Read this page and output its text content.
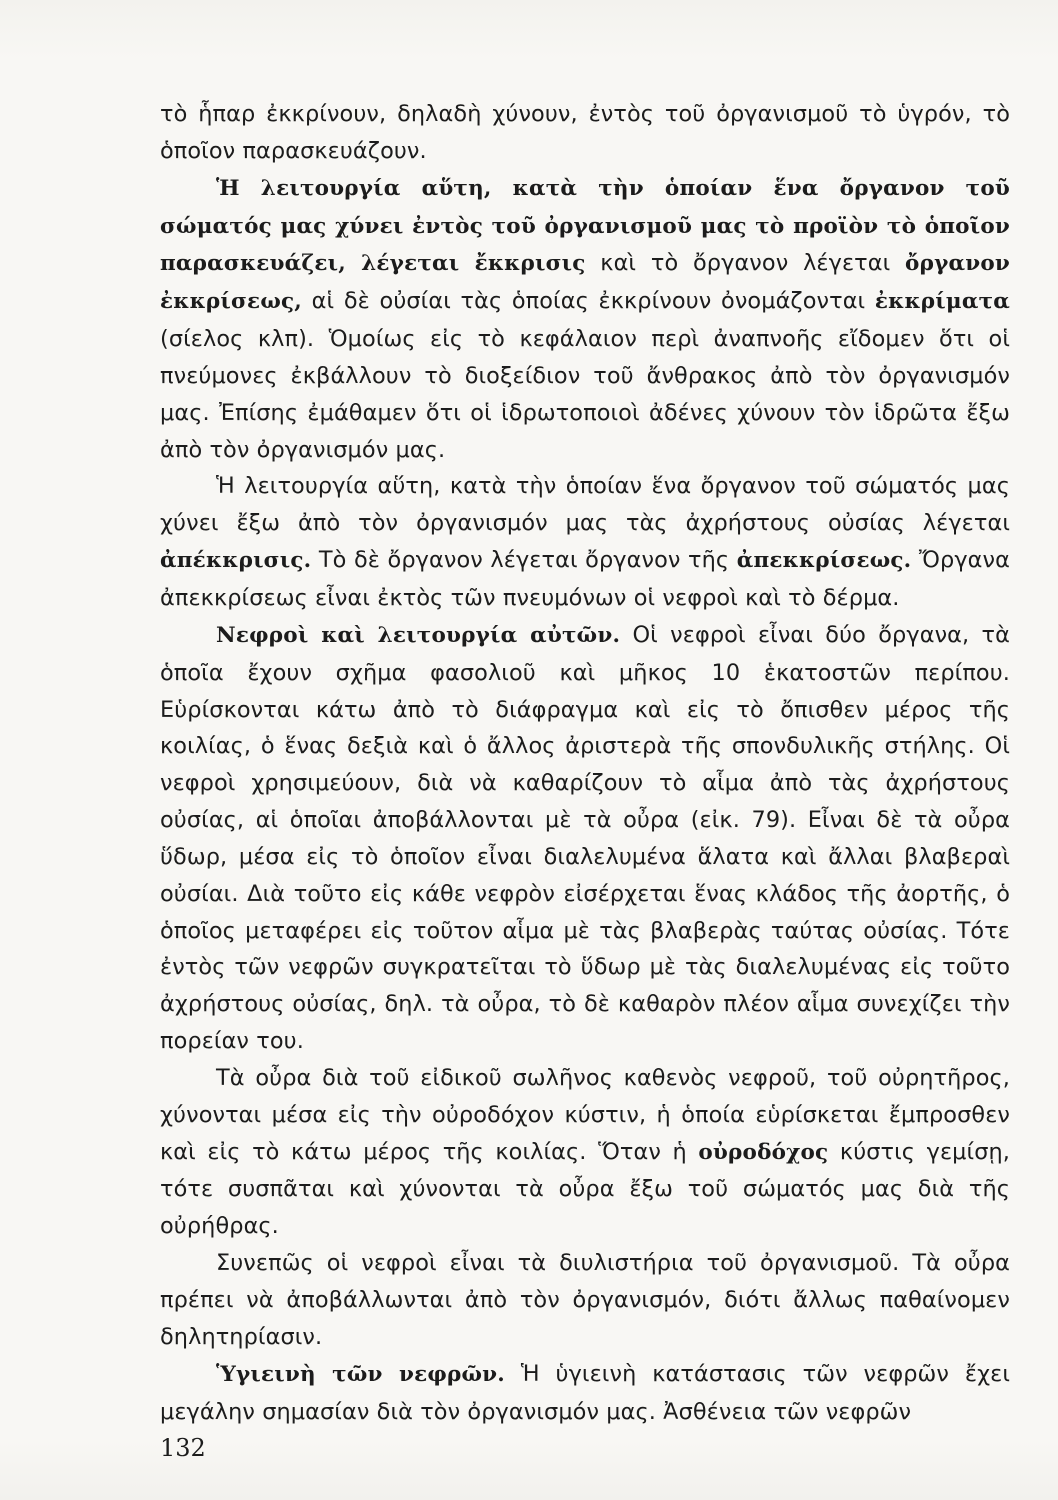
τὸ ἧπαρ ἐκκρίνουν, δηλαδὴ χύνουν, ἐντὸς τοῦ ὀργανισμοῦ τὸ ὑγρόν, τὸ ὁποῖον παρασκευάζουν.

Ἡ λειτουργία αὕτη, κατὰ τὴν ὁποίαν ἕνα ὄργανον τοῦ σώματός μας χύνει ἐντὸς τοῦ ὀργανισμοῦ μας τὸ προϊὸν τὸ ὁποῖον παρασκευάζει, λέγεται ἔκκρισις καὶ τὸ ὄργανον λέγεται ὄργανον ἐκκρίσεως, αἱ δὲ οὐσίαι τὰς ὁποίας ἐκκρίνουν ὀνομάζονται ἐκκρίματα (σίελος κλπ). Ὁμοίως εἰς τὸ κεφάλαιον περὶ ἀναπνοῆς εἴδομεν ὅτι οἱ πνεύμονες ἐκβάλλουν τὸ διοξείδιον τοῦ ἄνθρακος ἀπὸ τὸν ὀργανισμόν μας. Ἐπίσης ἐμάθαμεν ὅτι οἱ ἱδρωτοποιοὶ ἀδένες χύνουν τὸν ἱδρῶτα ἔξω ἀπὸ τὸν ὀργανισμόν μας.

Ἡ λειτουργία αὕτη, κατὰ τὴν ὁποίαν ἕνα ὄργανον τοῦ σώματός μας χύνει ἔξω ἀπὸ τὸν ὀργανισμόν μας τὰς ἀχρήστους οὐσίας λέγεται ἀπέκκρισις. Τὸ δὲ ὄργανον λέγεται ὄργανον τῆς ἀπεκκρίσεως. Ὄργανα ἀπεκκρίσεως εἶναι ἐκτὸς τῶν πνευμόνων οἱ νεφροὶ καὶ τὸ δέρμα.

Νεφροὶ καὶ λειτουργία αὐτῶν. Οἱ νεφροὶ εἶναι δύο ὄργανα, τὰ ὁποῖα ἔχουν σχῆμα φασολιοῦ καὶ μῆκος 10 ἑκατοστῶν περίπου. Εὑρίσκονται κάτω ἀπὸ τὸ διάφραγμα καὶ εἰς τὸ ὄπισθεν μέρος τῆς κοιλίας, ὁ ἕνας δεξιὰ καὶ ὁ ἄλλος ἀριστερὰ τῆς σπονδυλικῆς στήλης. Οἱ νεφροὶ χρησιμεύουν, διὰ νὰ καθαρίζουν τὸ αἷμα ἀπὸ τὰς ἀχρήστους οὐσίας, αἱ ὁποῖαι ἀποβάλλονται μὲ τὰ οὖρα (εἰκ. 79). Εἶναι δὲ τὰ οὖρα ὕδωρ, μέσα εἰς τὸ ὁποῖον εἶναι διαλελυμένα ἅλατα καὶ ἄλλαι βλαβεραὶ οὐσίαι. Διὰ τοῦτο εἰς κάθε νεφρὸν εἰσέρχεται ἕνας κλάδος τῆς ἀορτῆς, ὁ ὁποῖος μεταφέρει εἰς τοῦτον αἷμα μὲ τὰς βλαβερὰς ταύτας οὐσίας. Τότε ἐντὸς τῶν νεφρῶν συγκρατεῖται τὸ ὕδωρ μὲ τὰς διαλελυμένας εἰς τοῦτο ἀχρήστους οὐσίας, δηλ. τὰ οὖρα, τὸ δὲ καθαρὸν πλέον αἷμα συνεχίζει τὴν πορείαν του.

Τὰ οὖρα διὰ τοῦ εἰδικοῦ σωλῆνος καθενὸς νεφροῦ, τοῦ οὐρητῆρος, χύνονται μέσα εἰς τὴν οὐροδόχον κύστιν, ἡ ὁποία εὑρίσκεται ἔμπροσθεν καὶ εἰς τὸ κάτω μέρος τῆς κοιλίας. Ὅταν ἡ οὐροδόχος κύστις γεμίσῃ, τότε συσπᾶται καὶ χύνονται τὰ οὖρα ἔξω τοῦ σώματός μας διὰ τῆς οὐρήθρας.

Συνεπῶς οἱ νεφροὶ εἶναι τὰ διυλιστήρια τοῦ ὀργανισμοῦ. Τὰ οὖρα πρέπει νὰ ἀποβάλλωνται ἀπὸ τὸν ὀργανισμόν, διότι ἄλλως παθαίνομεν δηλητηρίασιν.

Ὑγιεινὴ τῶν νεφρῶν. Ἡ ὑγιεινὴ κατάστασις τῶν νεφρῶν ἔχει μεγάλην σημασίαν διὰ τὸν ὀργανισμόν μας. Ἀσθένεια τῶν νεφρῶν

132
